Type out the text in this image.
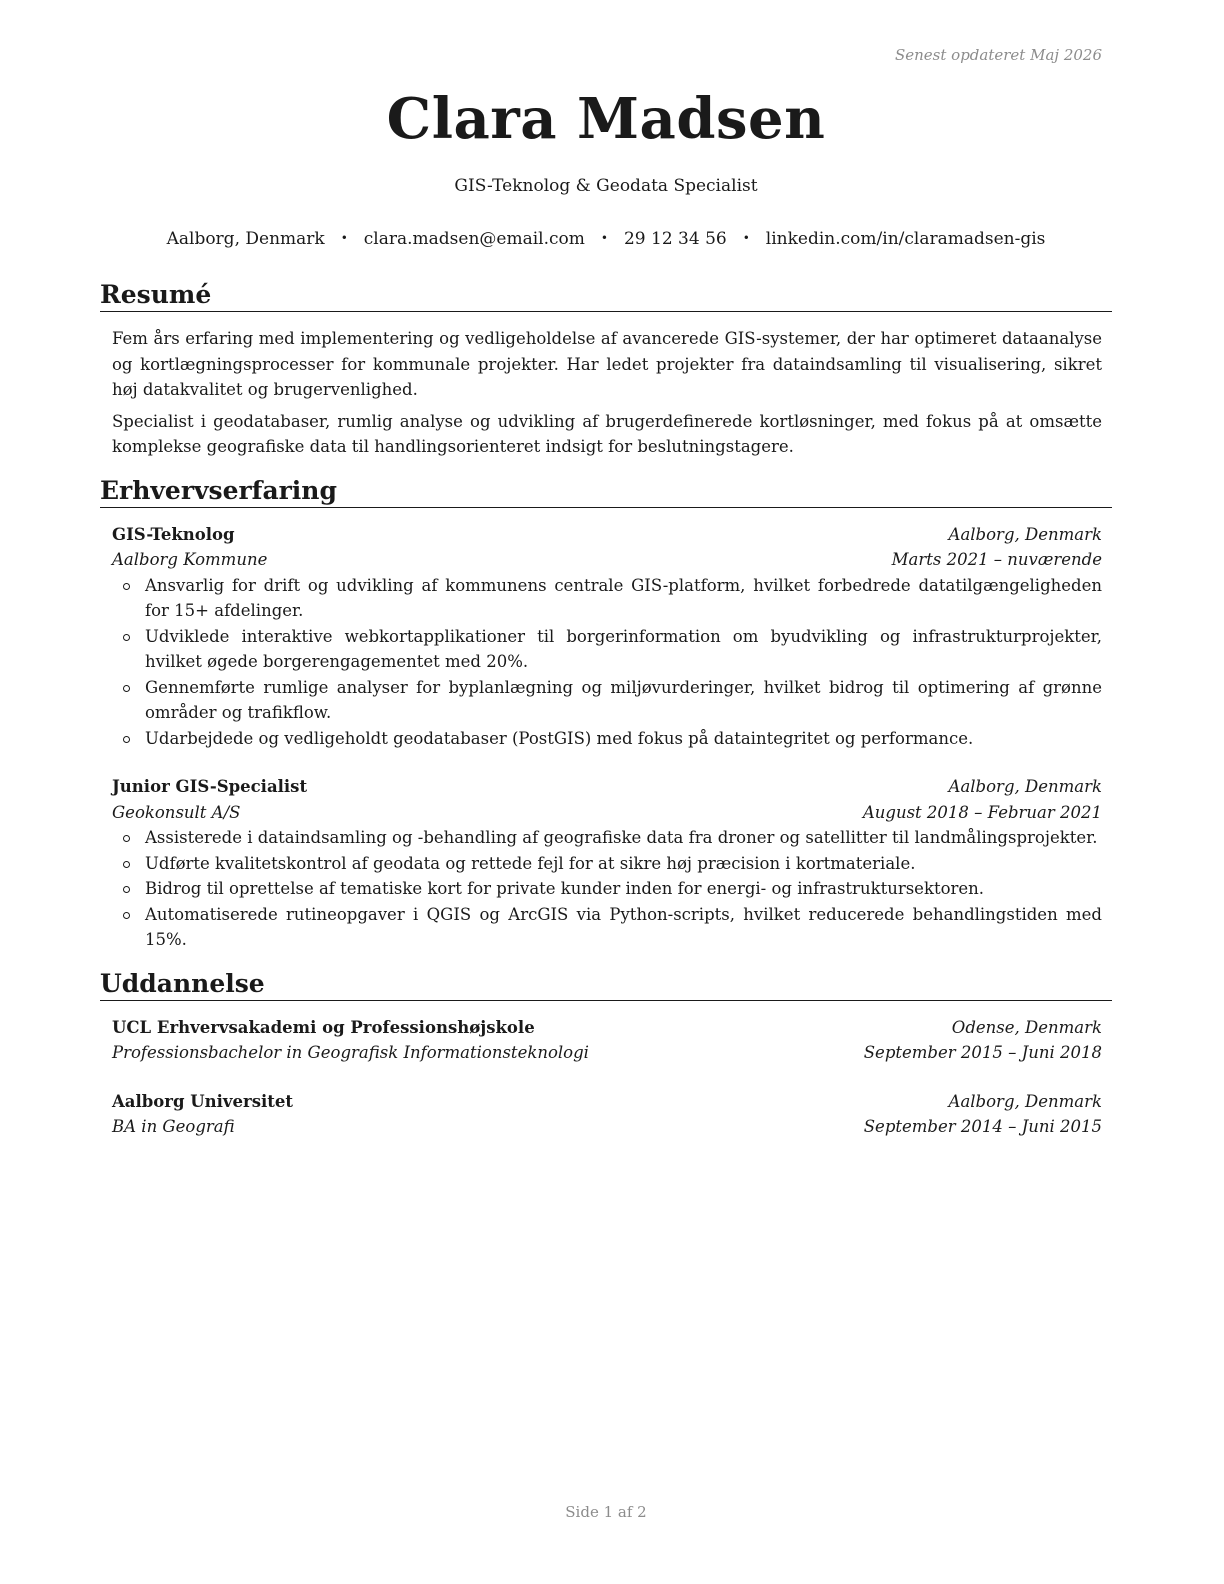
Senest opdateret Maj 2026
Clara Madsen
GIS-Teknolog & Geodata Specialist
Aalborg, Denmark • clara.madsen@email.com • 29 12 34 56 • linkedin.com/in/claramadsen-gis
Resumé

Fem års erfaring med implementering og vedligeholdelse af avancerede GIS-systemer, der har optimeret dataanalyse og kortlægningsprocesser for kommunale projekter. Har ledet projekter fra dataindsamling til visualisering, sikret høj datakvalitet og brugervenlighed.

Specialist i geodatabaser, rumlig analyse og udvikling af brugerdefinerede kortløsninger, med fokus på at omsætte komplekse geografiske data til handlingsorienteret indsigt for beslutningstagere.

Erhvervserfaring
GIS-Teknolog	Aalborg, Denmark
Aalborg Kommune	Marts 2021 – nuværende
Ansvarlig for drift og udvikling af kommunens centrale GIS-platform, hvilket forbedrede datatilgængeligheden for 15+ afdelinger.
Udviklede interaktive webkortapplikationer til borgerinformation om byudvikling og infrastrukturprojekter, hvilket øgede borgerengagementet med 20%.
Gennemførte rumlige analyser for byplanlægning og miljøvurderinger, hvilket bidrog til optimering af grønne områder og trafikflow.
Udarbejdede og vedligeholdt geodatabaser (PostGIS) med fokus på dataintegritet og performance.
Junior GIS-Specialist	Aalborg, Denmark
Geokonsult A/S	August 2018 – Februar 2021
Assisterede i dataindsamling og -behandling af geografiske data fra droner og satellitter til landmålingsprojekter.
Udførte kvalitetskontrol af geodata og rettede fejl for at sikre høj præcision i kortmateriale.
Bidrog til oprettelse af tematiske kort for private kunder inden for energi- og infrastruktursektoren.
Automatiserede rutineopgaver i QGIS og ArcGIS via Python-scripts, hvilket reducerede behandlingstiden med 15%.
Uddannelse
UCL Erhvervsakademi og Professionshøjskole	Odense, Denmark
Professionsbachelor in Geografisk Informationsteknologi	September 2015 – Juni 2018
Aalborg Universitet	Aalborg, Denmark
BA in Geografi	September 2014 – Juni 2015
Side 1 af 2
